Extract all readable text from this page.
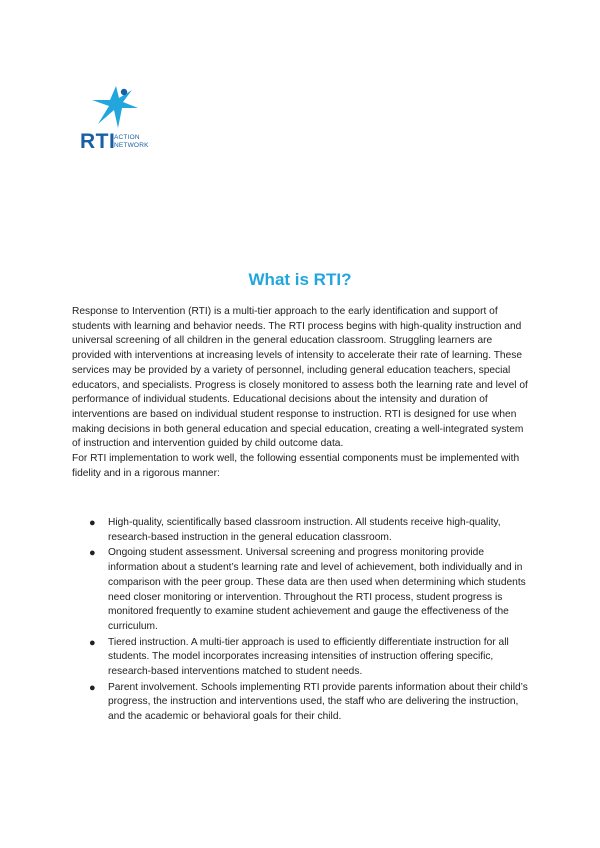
RTI
ACTION
NETWORK
What is RTI?

Response to Intervention (RTI) is a multi-tier approach to the early identification and support of students with learning and behavior needs. The RTI process begins with high-quality instruction and universal screening of all children in the general education classroom. Struggling learners are provided with interventions at increasing levels of intensity to accelerate their rate of learning. These services may be provided by a variety of personnel, including general education teachers, special educators, and specialists. Progress is closely monitored to assess both the learning rate and level of performance of individual students. Educational decisions about the intensity and duration of interventions are based on individual student response to instruction. RTI is designed for use when making decisions in both general education and special education, creating a well-integrated system of instruction and intervention guided by child outcome data.

For RTI implementation to work well, the following essential components must be implemented with fidelity and in a rigorous manner:

● High-quality, scientifically based classroom instruction. All students receive high-quality, research-based instruction in the general education classroom.
● Ongoing student assessment. Universal screening and progress monitoring provide information about a student’s learning rate and level of achievement, both individually and in comparison with the peer group. These data are then used when determining which students need closer monitoring or intervention. Throughout the RTI process, student progress is monitored frequently to examine student achievement and gauge the effectiveness of the curriculum.
● Tiered instruction. A multi-tier approach is used to efficiently differentiate instruction for all students. The model incorporates increasing intensities of instruction offering specific, research-based interventions matched to student needs.
● Parent involvement. Schools implementing RTI provide parents information about their child’s progress, the instruction and interventions used, the staff who are delivering the instruction, and the academic or behavioral goals for their child.
